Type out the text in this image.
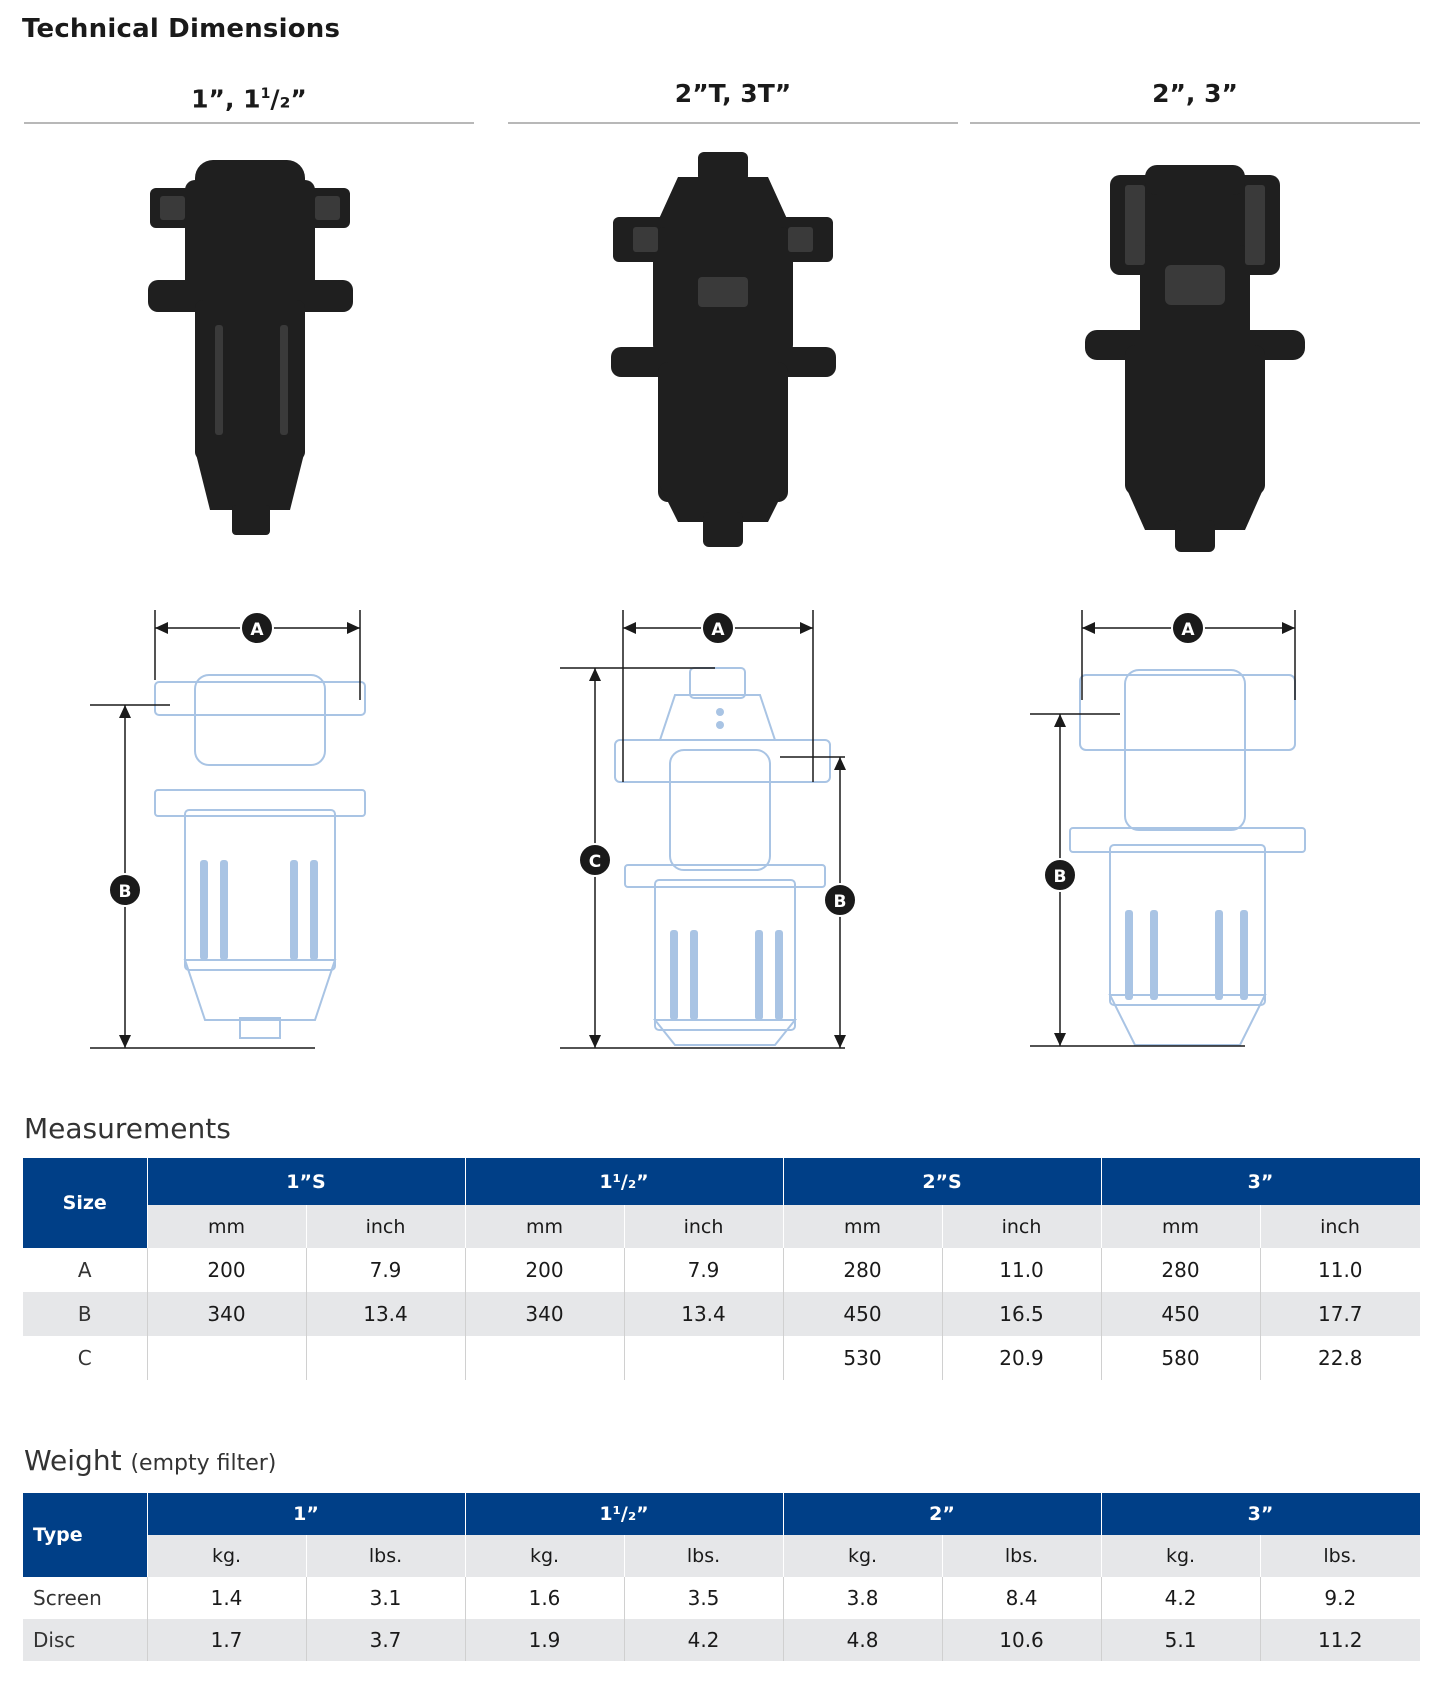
Technical Dimensions
1”, $1^1/_2$”	2”T, 3T”	2”, 3”
A
B
A
C
B
A
B
Measurements
Size	1”S		1¹/₂”		2”S		3”	
	mm	inch	mm	inch	mm	inch	mm	inch
A	200	7.9	200	7.9	280	11.0	280	11.0
B	340	13.4	340	13.4	450	16.5	450	17.7
C					530	20.9	580	22.8
Weight (empty filter)
Type	1”		1¹/₂”		2”		3”	
	kg.	lbs.	kg.	lbs.	kg.	lbs.	kg.	lbs.
Screen	1.4	3.1	1.6	3.5	3.8	8.4	4.2	9.2
Disc	1.7	3.7	1.9	4.2	4.8	10.6	5.1	11.2
